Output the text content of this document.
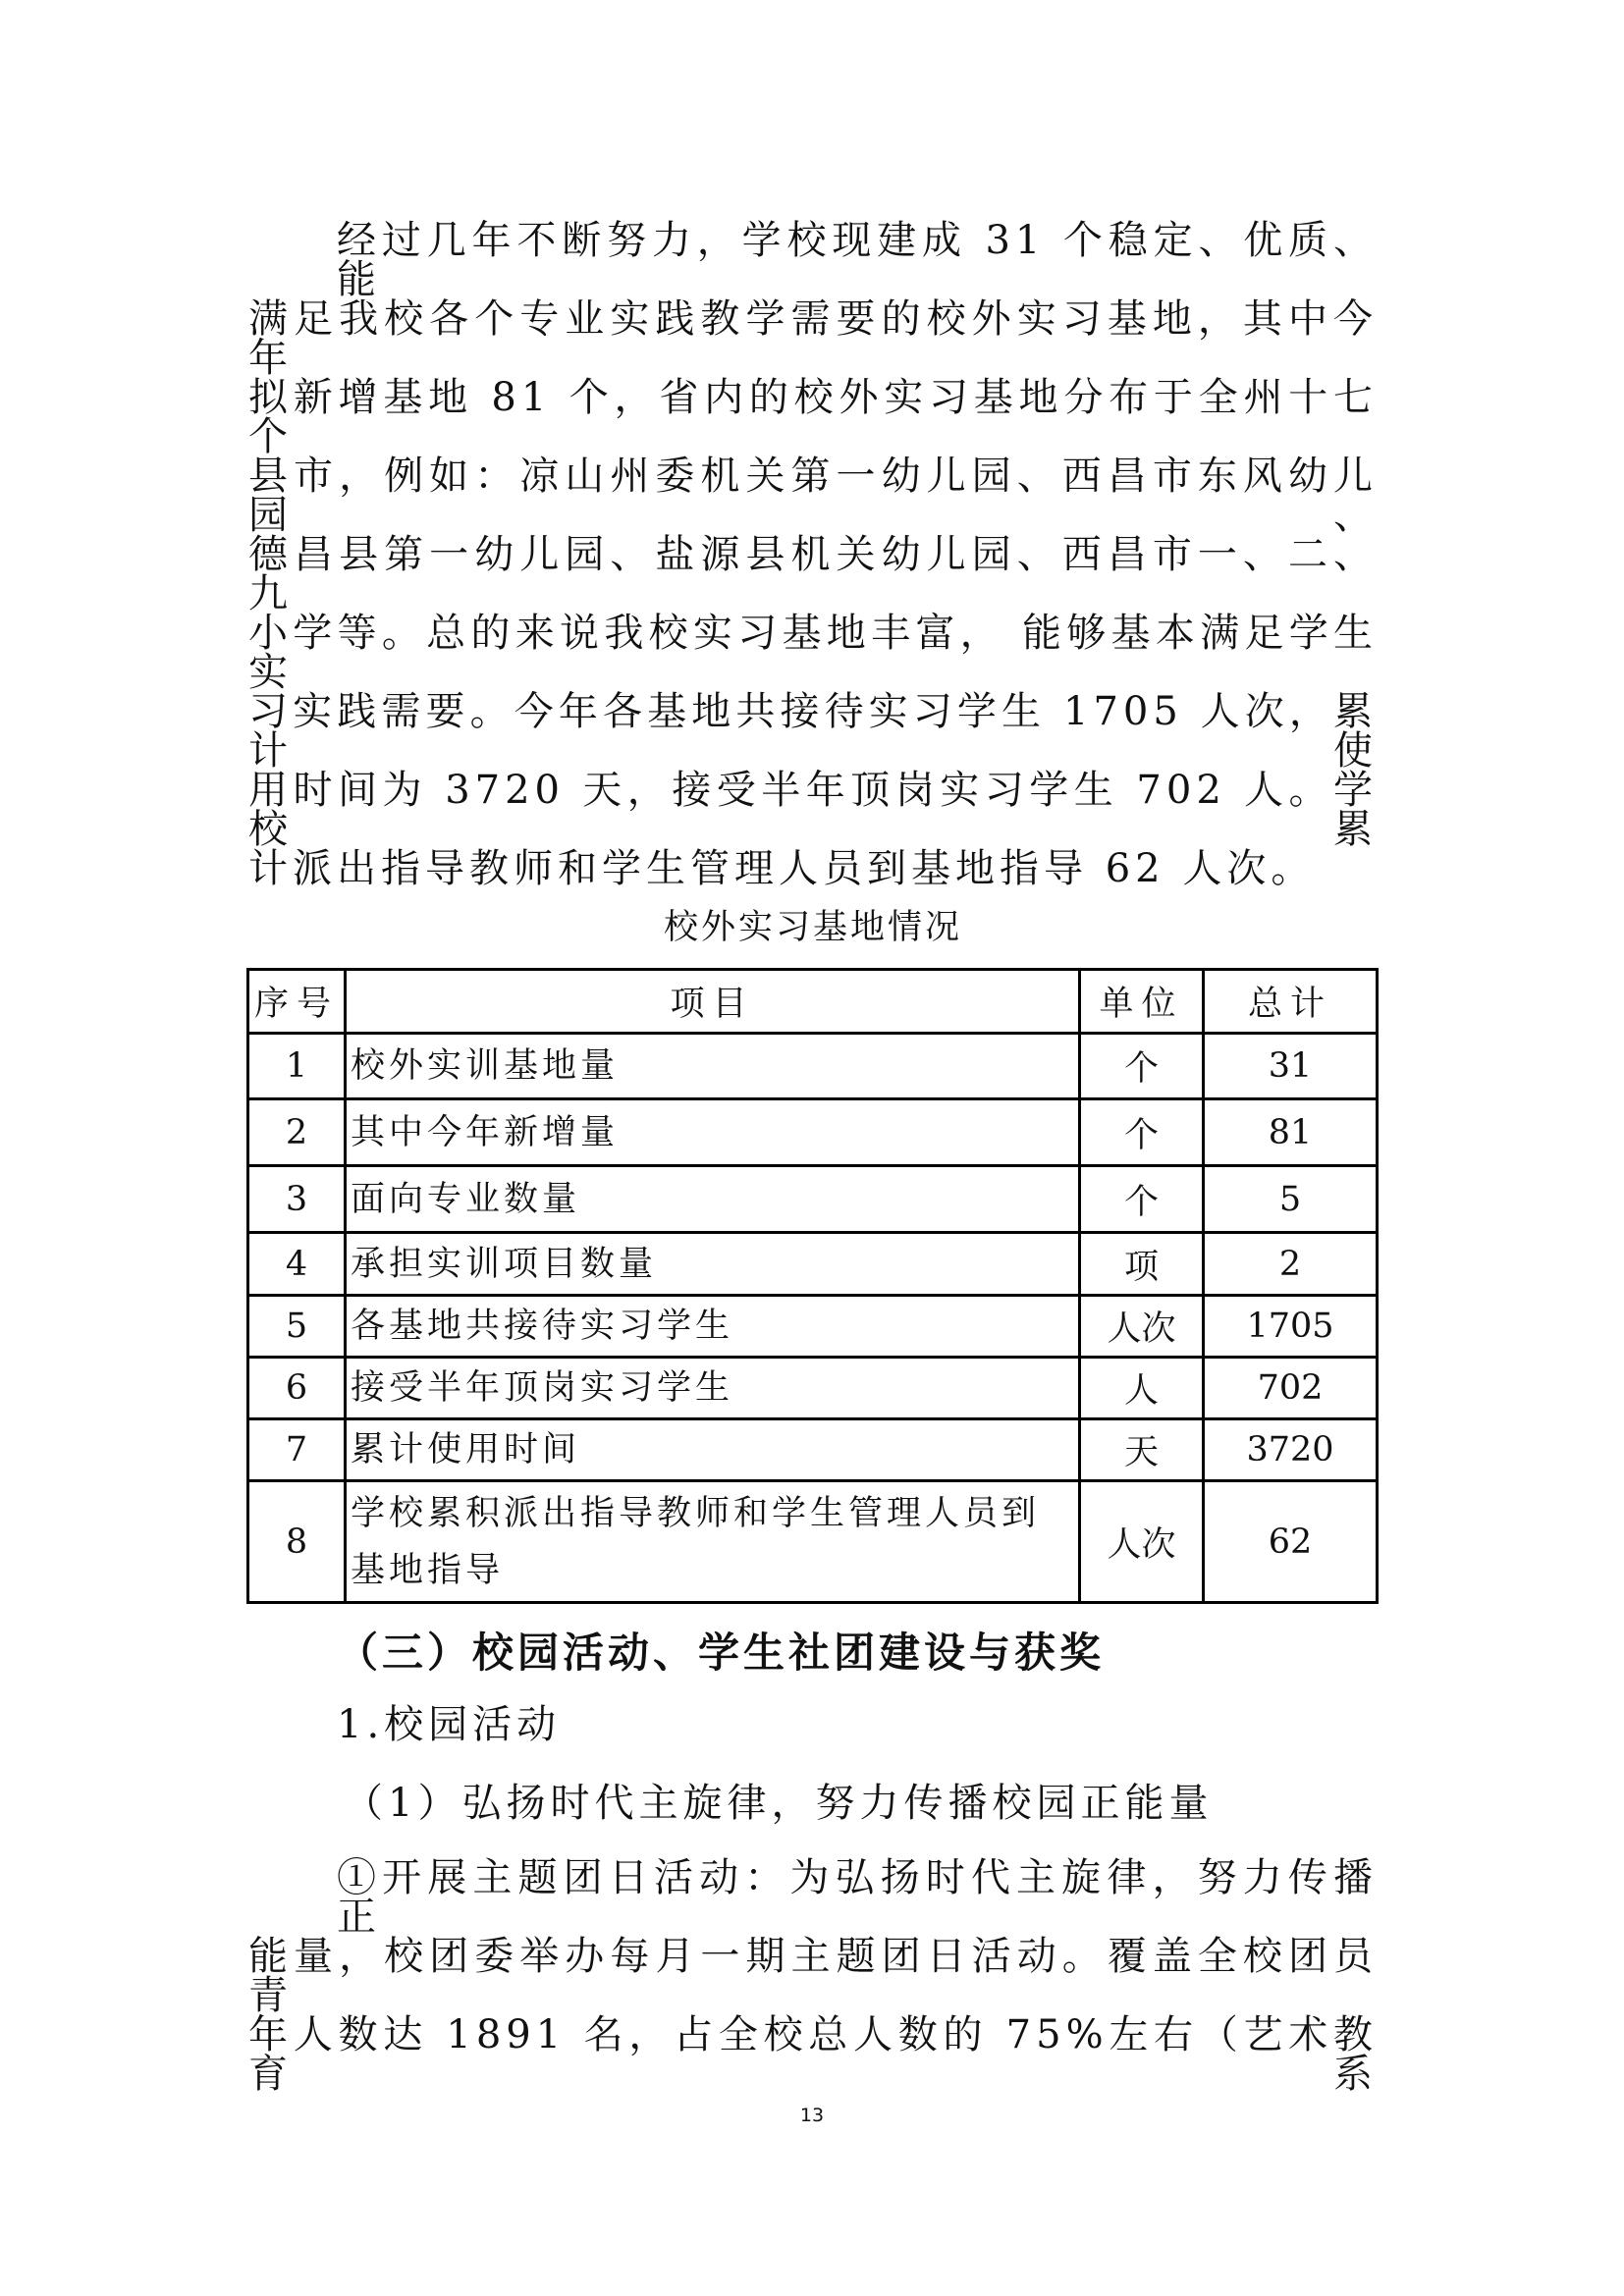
经过几年不断努力，学校现建成 31 个稳定、优质、能
满足我校各个专业实践教学需要的校外实习基地，其中今年
拟新增基地 81 个，省内的校外实习基地分布于全州十七个
县市，例如：凉山州委机关第一幼儿园、西昌市东风幼儿园、
德昌县第一幼儿园、盐源县机关幼儿园、西昌市一、二、九
小学等。总的来说我校实习基地丰富， 能够基本满足学生实
习实践需要。今年各基地共接待实习学生 1705 人次，累计使
用时间为 3720 天，接受半年顶岗实习学生 702 人。学校累
计派出指导教师和学生管理人员到基地指导 62 人次。
校外实习基地情况
序号	项目	单位	总计
1	校外实训基地量	个	31
2	其中今年新增量	个	81
3	面向专业数量	个	5
4	承担实训项目数量	项	2
5	各基地共接待实习学生	人次	1705
6	接受半年顶岗实习学生	人	702
7	累计使用时间	天	3720
8	学校累积派出指导教师和学生管理人员到基地指导	人次	62
（三）校园活动、学生社团建设与获奖
1.校园活动
（1）弘扬时代主旋律，努力传播校园正能量
①开展主题团日活动：为弘扬时代主旋律，努力传播正
能量，校团委举办每月一期主题团日活动。覆盖全校团员青
年人数达 1891 名，占全校总人数的 75%左右（艺术教育系
13
